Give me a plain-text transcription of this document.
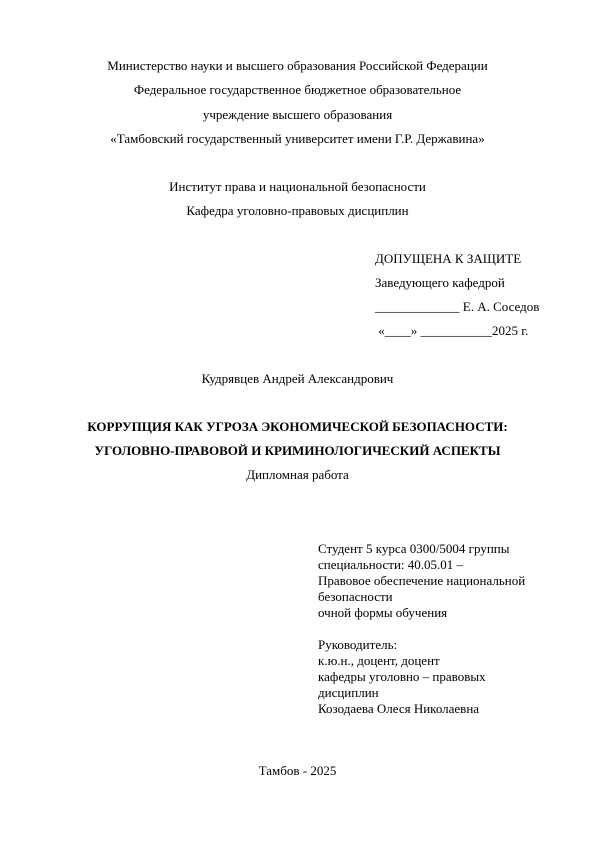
Министерство науки и высшего образования Российской Федерации
Федеральное государственное бюджетное образовательное
учреждение высшего образования
«Тамбовский государственный университет имени Г.Р. Державина»
Институт права и национальной безопасности
Кафедра уголовно-правовых дисциплин
ДОПУЩЕНА К ЗАЩИТЕ
Заведующего кафедрой
_____________ Е. А. Соседов
«____» ___________2025 г.
Кудрявцев Андрей Александрович
КОРРУПЦИЯ КАК УГРОЗА ЭКОНОМИЧЕСКОЙ БЕЗОПАСНОСТИ:
УГОЛОВНО-ПРАВОВОЙ И КРИМИНОЛОГИЧЕСКИЙ АСПЕКТЫ
Дипломная работа
Студент 5 курса 0300/5004 группы
специальности: 40.05.01 –
Правовое обеспечение национальной
безопасности
очной формы обучения
Руководитель:
к.ю.н., доцент, доцент
кафедры уголовно – правовых
дисциплин
Козодаева Олеся Николаевна
Тамбов - 2025
